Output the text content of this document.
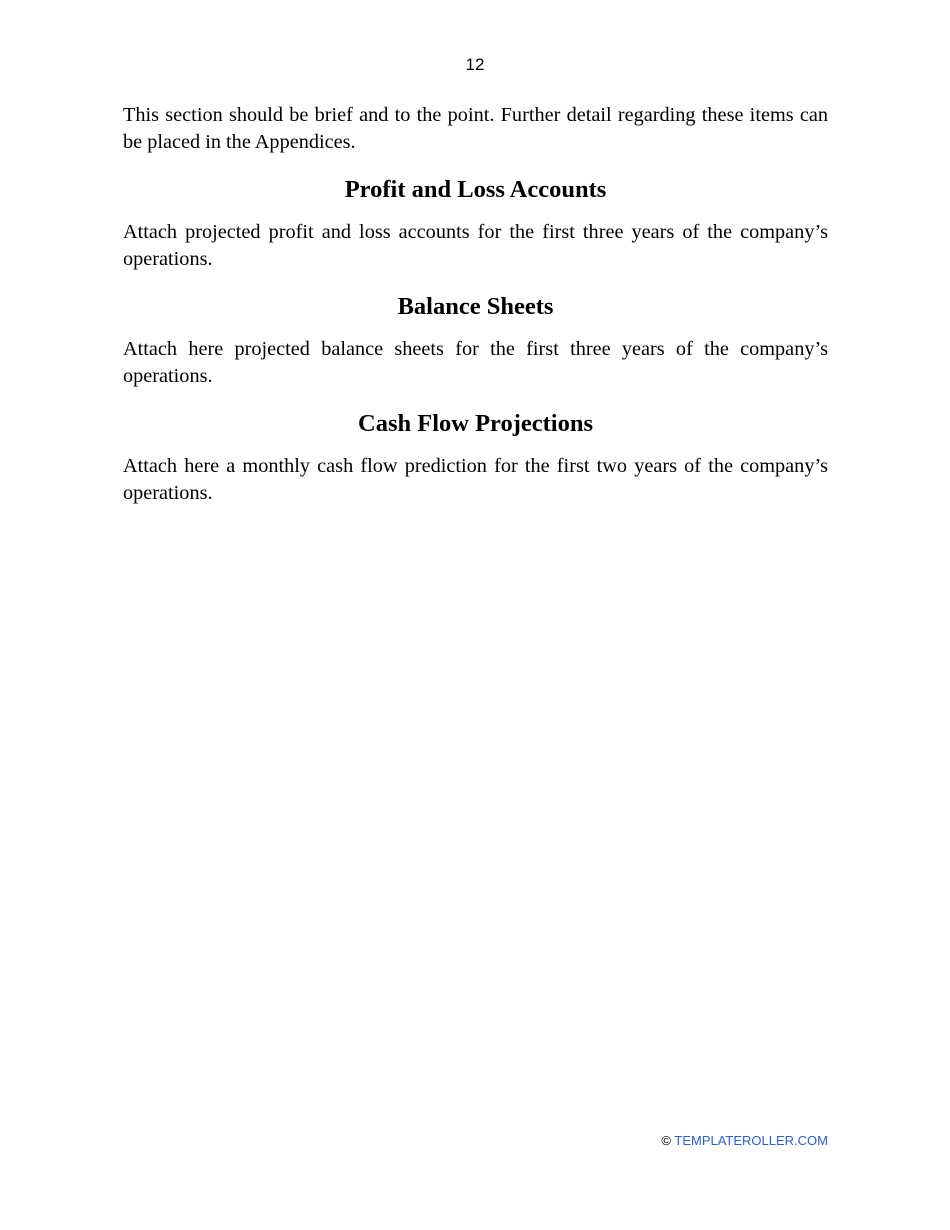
12

This section should be brief and to the point. Further detail regarding these items can be placed in the Appendices.

Profit and Loss Accounts

Attach projected profit and loss accounts for the first three years of the company’s operations.

Balance Sheets

Attach here projected balance sheets for the first three years of the company’s operations.

Cash Flow Projections

Attach here a monthly cash flow prediction for the first two years of the company’s operations.

© TEMPLATEROLLER.COM
